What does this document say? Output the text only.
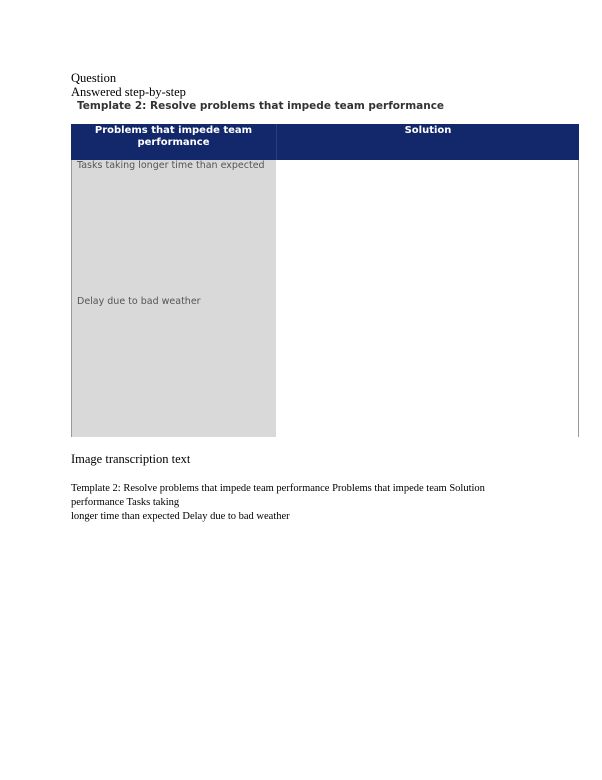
Question
Answered step-by-step
Template 2: Resolve problems that impede team performance
Problems that impede team performance
Solution
Tasks taking longer time than expected
Delay due to bad weather
Image transcription text
Template 2: Resolve problems that impede team performance Problems that impede team Solution
performance Tasks taking
longer time than expected Delay due to bad weather
